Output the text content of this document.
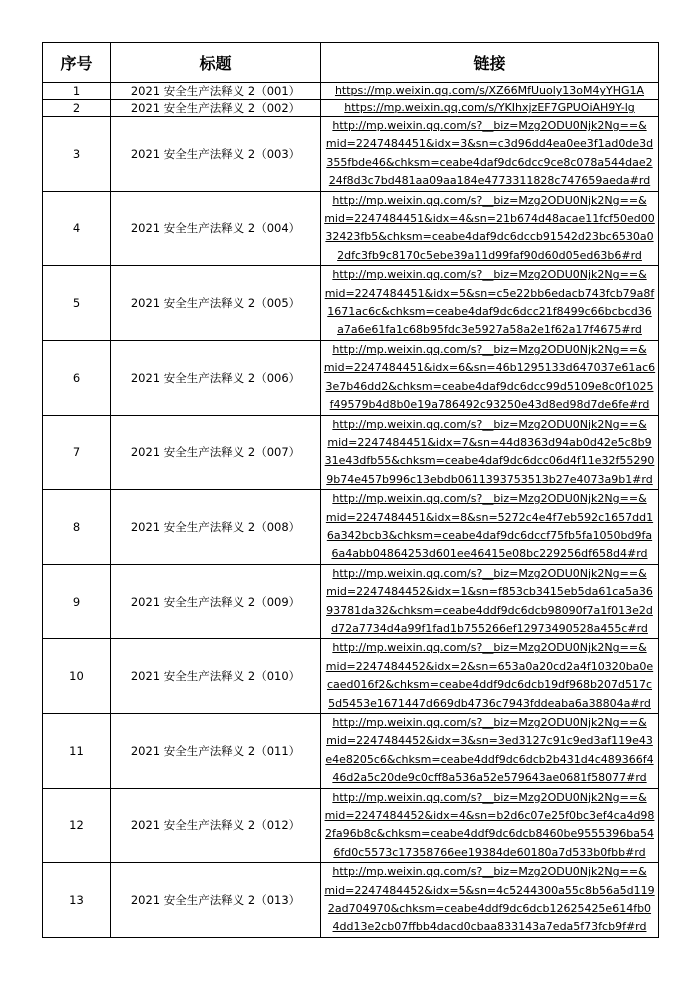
序号	标题	链接
1	2021 安全生产法释义 2（001）	https://mp.weixin.qq.com/s/XZ66MfUuoly13oM4yYHG1A

2	2021 安全生产法释义 2（002）	https://mp.weixin.qq.com/s/YKIhxjzEF7GPUOiAH9Y-lg

3	2021 安全生产法释义 2（003）	http://mp.weixin.qq.com/s?__biz=Mzg2ODU0Njk2Ng==&
mid=2247484451&idx=3&sn=c3d96dd4ea0ee3f1ad0de3d
355fbde46&chksm=ceabe4daf9dc6dcc9ce8c078a544dae2
24f8d3c7bd481aa09aa184e4773311828c747659aeda#rd

4	2021 安全生产法释义 2（004）	http://mp.weixin.qq.com/s?__biz=Mzg2ODU0Njk2Ng==&
mid=2247484451&idx=4&sn=21b674d48acae11fcf50ed00
32423fb5&chksm=ceabe4daf9dc6dccb91542d23bc6530a0
2dfc3fb9c8170c5ebe39a11d99faf90d60d05ed63b6#rd

5	2021 安全生产法释义 2（005）	http://mp.weixin.qq.com/s?__biz=Mzg2ODU0Njk2Ng==&
mid=2247484451&idx=5&sn=c5e22bb6edacb743fcb79a8f
1671ac6c&chksm=ceabe4daf9dc6dcc21f8499c66bcbcd36
a7a6e61fa1c68b95fdc3e5927a58a2e1f62a17f4675#rd

6	2021 安全生产法释义 2（006）	http://mp.weixin.qq.com/s?__biz=Mzg2ODU0Njk2Ng==&
mid=2247484451&idx=6&sn=46b1295133d647037e61ac6
3e7b46dd2&chksm=ceabe4daf9dc6dcc99d5109e8c0f1025
f49579b4d8b0e19a786492c93250e43d8ed98d7de6fe#rd

7	2021 安全生产法释义 2（007）	http://mp.weixin.qq.com/s?__biz=Mzg2ODU0Njk2Ng==&
mid=2247484451&idx=7&sn=44d8363d94ab0d42e5c8b9
31e43dfb55&chksm=ceabe4daf9dc6dcc06d4f11e32f55290
9b74e457b996c13ebdb0611393753513b27e4073a9b1#rd

8	2021 安全生产法释义 2（008）	http://mp.weixin.qq.com/s?__biz=Mzg2ODU0Njk2Ng==&
mid=2247484451&idx=8&sn=5272c4e4f7eb592c1657dd1
6a342bcb3&chksm=ceabe4daf9dc6dccf75fb5fa1050bd9fa
6a4abb04864253d601ee46415e08bc229256df658d4#rd

9	2021 安全生产法释义 2（009）	http://mp.weixin.qq.com/s?__biz=Mzg2ODU0Njk2Ng==&
mid=2247484452&idx=1&sn=f853cb3415eb5da61ca5a36
93781da32&chksm=ceabe4ddf9dc6dcb98090f7a1f013e2d
d72a7734d4a99f1fad1b755266ef12973490528a455c#rd

10	2021 安全生产法释义 2（010）	http://mp.weixin.qq.com/s?__biz=Mzg2ODU0Njk2Ng==&
mid=2247484452&idx=2&sn=653a0a20cd2a4f10320ba0e
caed016f2&chksm=ceabe4ddf9dc6dcb19df968b207d517c
5d5453e1671447d669db4736c7943fddeaba6a38804a#rd

11	2021 安全生产法释义 2（011）	http://mp.weixin.qq.com/s?__biz=Mzg2ODU0Njk2Ng==&
mid=2247484452&idx=3&sn=3ed3127c91c9ed3af119e43
e4e8205c6&chksm=ceabe4ddf9dc6dcb2b431d4c489366f4
46d2a5c20de9c0cff8a536a52e579643ae0681f58077#rd

12	2021 安全生产法释义 2（012）	http://mp.weixin.qq.com/s?__biz=Mzg2ODU0Njk2Ng==&
mid=2247484452&idx=4&sn=b2d6c07e25f0bc3ef4ca4d98
2fa96b8c&chksm=ceabe4ddf9dc6dcb8460be9555396ba54
6fd0c5573c17358766ee19384de60180a7d533b0fbb#rd

13	2021 安全生产法释义 2（013）	http://mp.weixin.qq.com/s?__biz=Mzg2ODU0Njk2Ng==&
mid=2247484452&idx=5&sn=4c5244300a55c8b56a5d119
2ad704970&chksm=ceabe4ddf9dc6dcb12625425e614fb0
4dd13e2cb07ffbb4dacd0cbaa833143a7eda5f73fcb9f#rd
